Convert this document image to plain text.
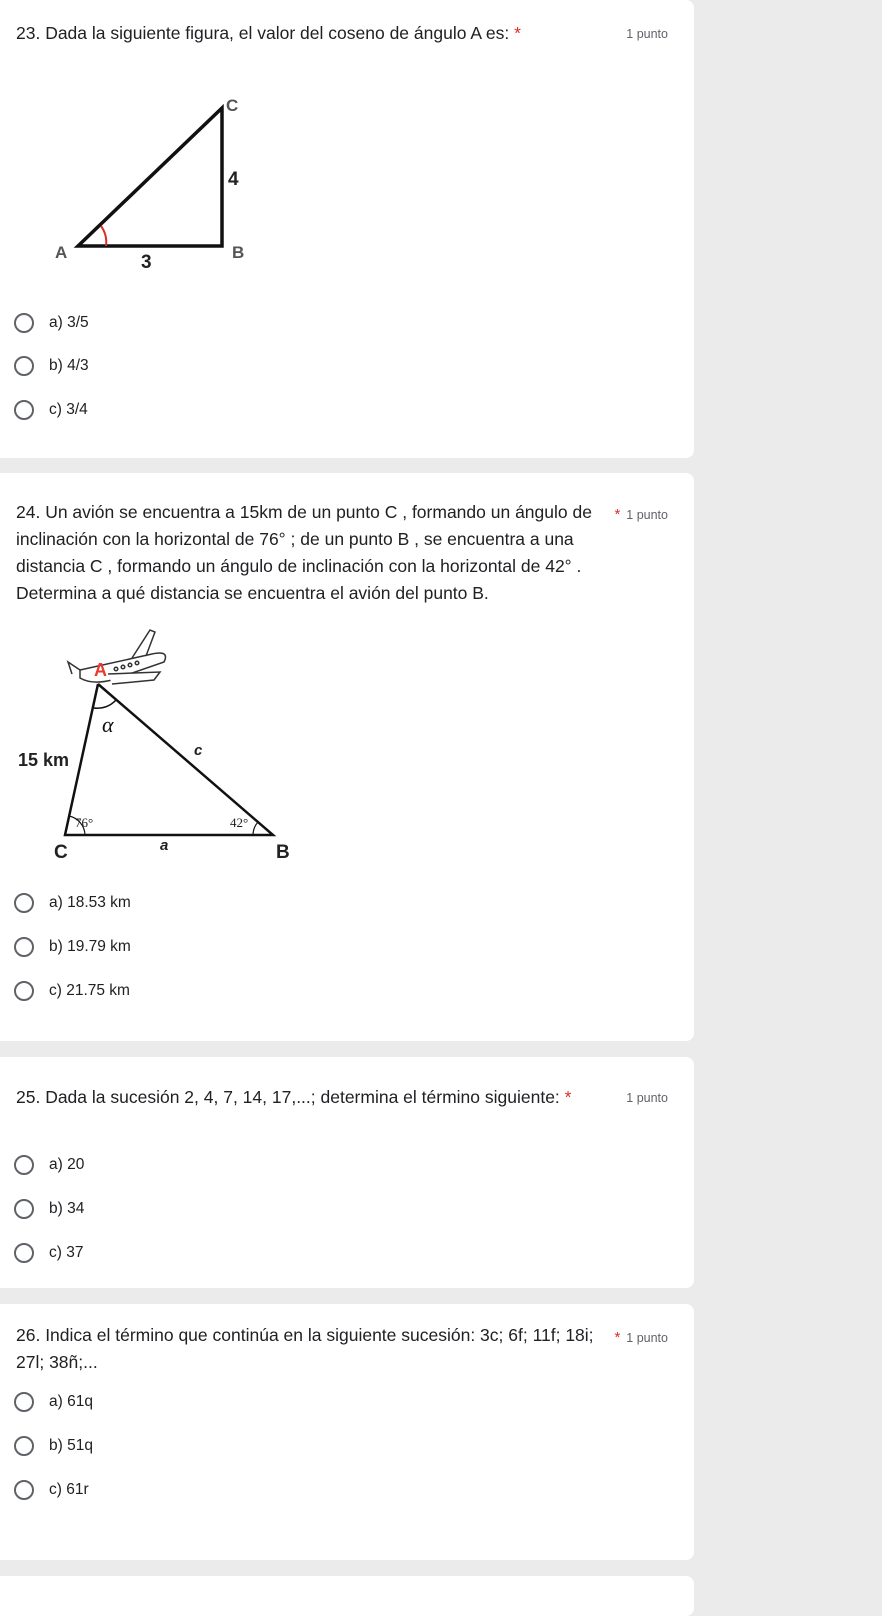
23. Dada la siguiente figura, el valor del coseno de ángulo A es: *	1 punto
C
4
A	3	B
a) 3/5
b) 4/3
c) 3/4
24. Un avión se encuentra a 15km de un punto C , formando un ángulo de
inclinación con la horizontal de 76° ; de un punto B , se encuentra a una
distancia C , formando un ángulo de inclinación con la horizontal de 42° .
Determina a qué distancia se encuentra el avión del punto B.
* 1 punto
A
α
15 km	c
76°	42°
C	a	B
a) 18.53 km
b) 19.79 km
c) 21.75 km
25. Dada la sucesión 2, 4, 7, 14, 17,...; determina el término siguiente: *	1 punto
a) 20
b) 34
c) 37
26. Indica el término que continúa en la siguiente sucesión: 3c; 6f; 11f; 18i;
27l; 38ñ;...
* 1 punto
a) 61q
b) 51q
c) 61r
